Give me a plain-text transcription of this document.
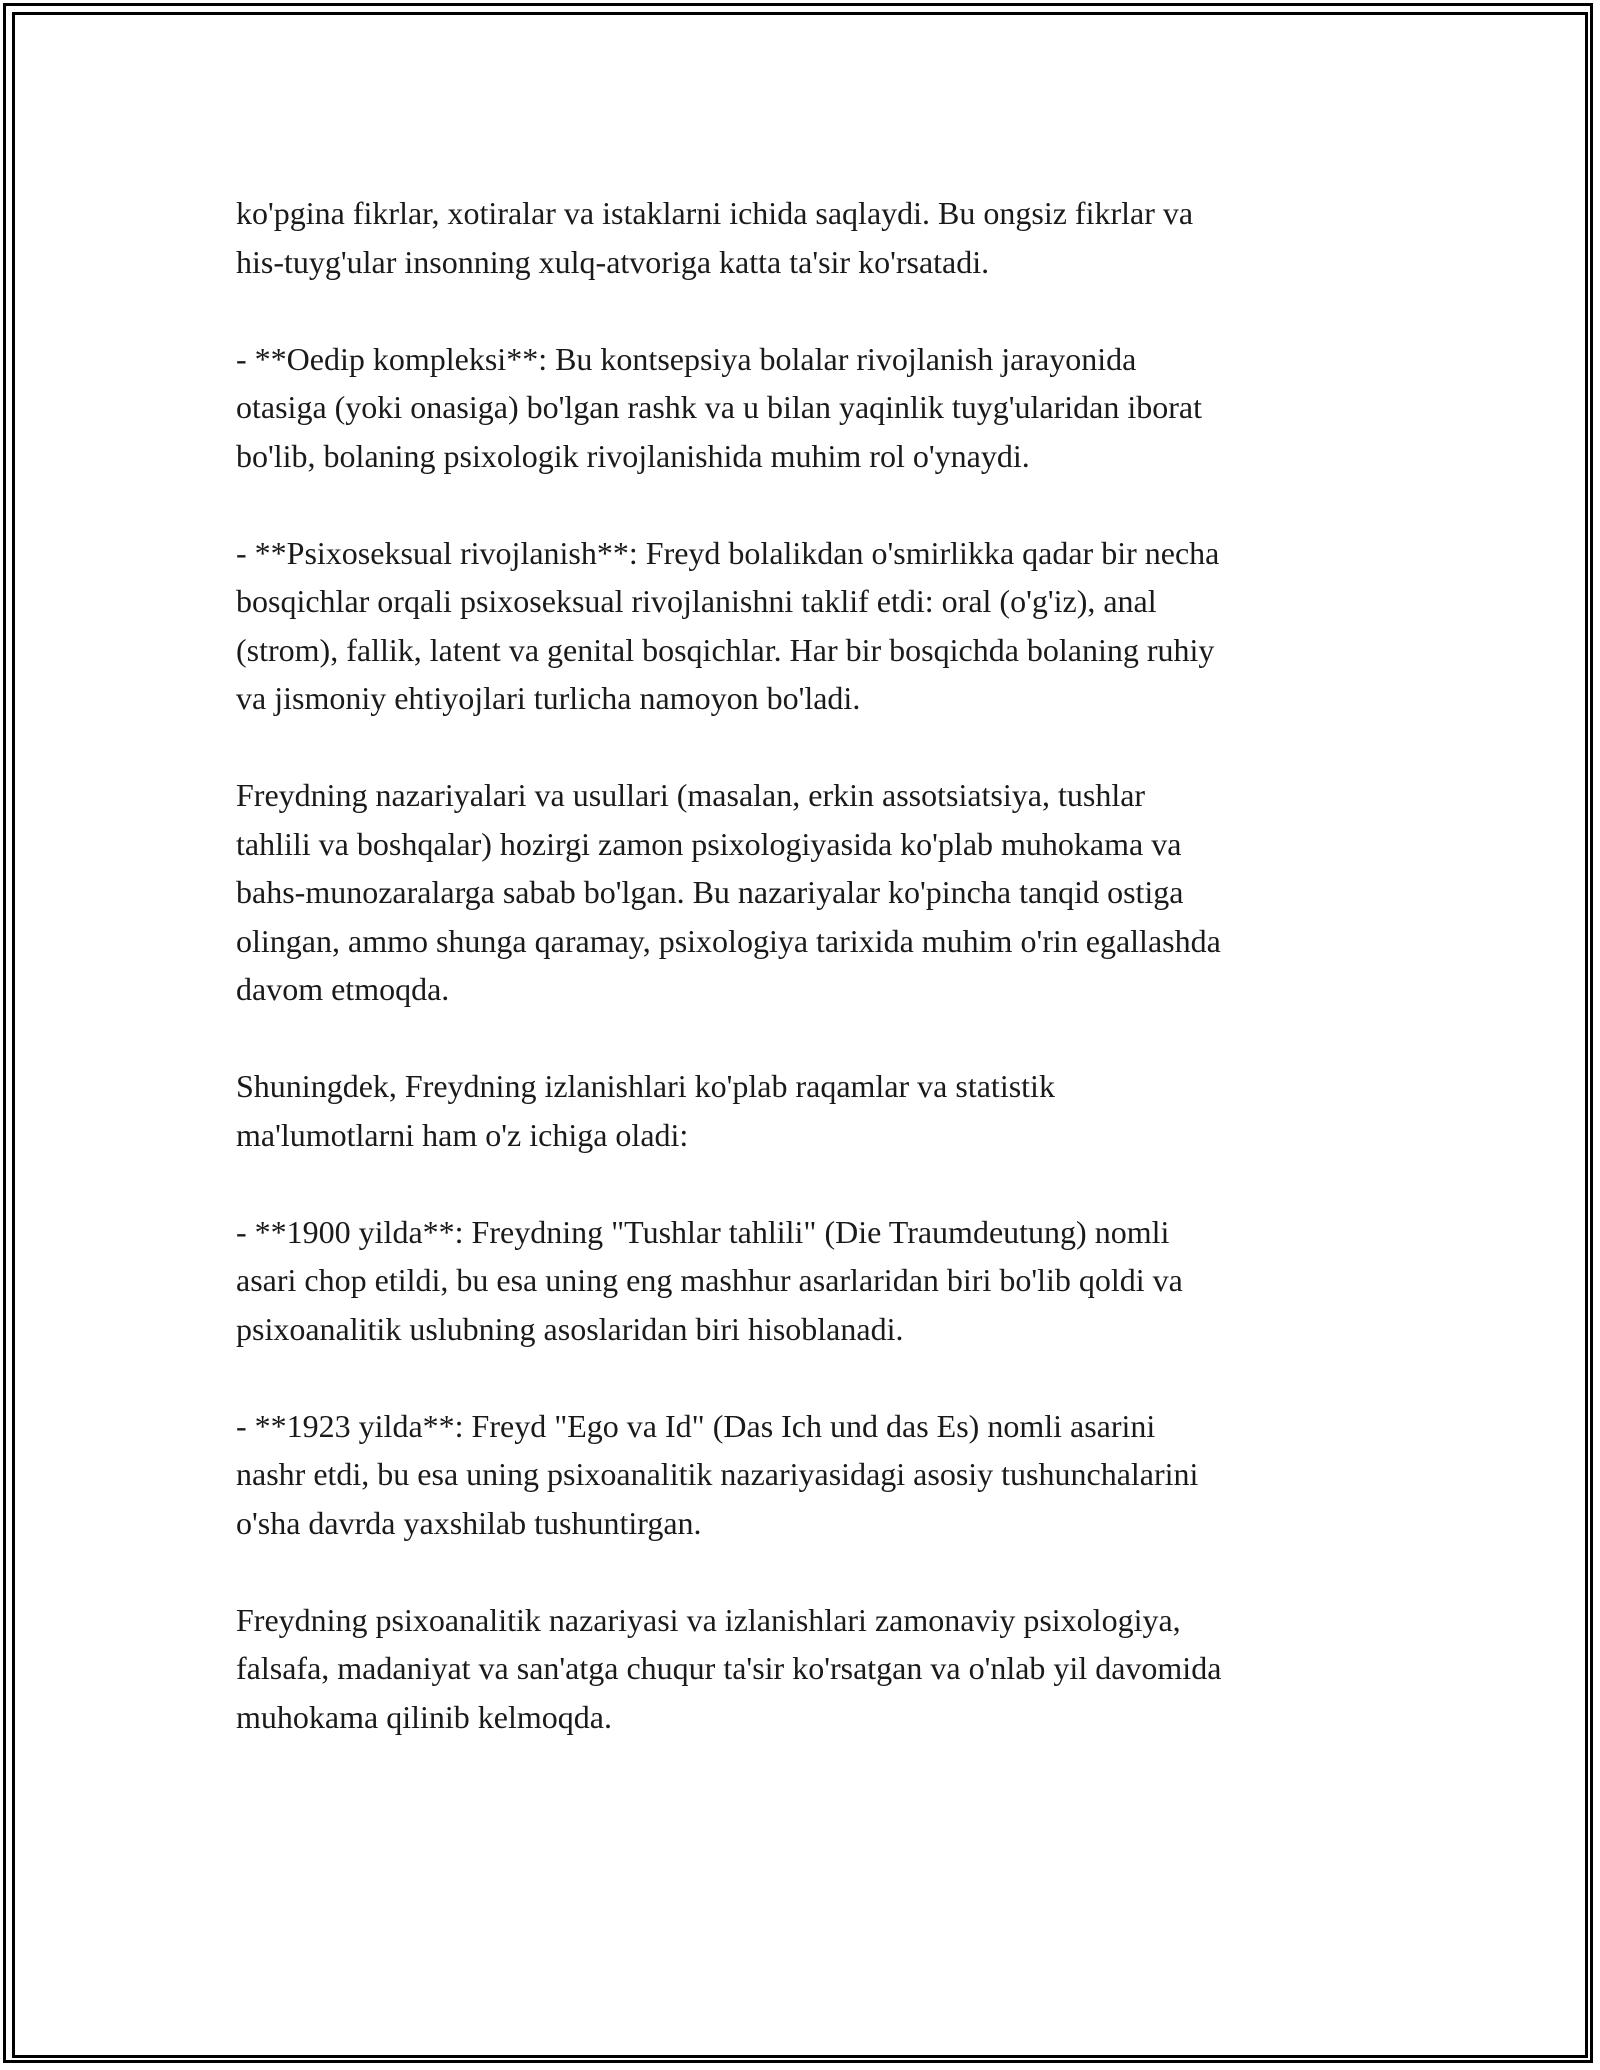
ko'pgina fikrlar, xotiralar va istaklarni ichida saqlaydi. Bu ongsiz fikrlar va
his-tuyg'ular insonning xulq-atvoriga katta ta'sir ko'rsatadi.

- **Oedip kompleksi**: Bu kontsepsiya bolalar rivojlanish jarayonida
otasiga (yoki onasiga) bo'lgan rashk va u bilan yaqinlik tuyg'ularidan iborat
bo'lib, bolaning psixologik rivojlanishida muhim rol o'ynaydi.

- **Psixoseksual rivojlanish**: Freyd bolalikdan o'smirlikka qadar bir necha
bosqichlar orqali psixoseksual rivojlanishni taklif etdi: oral (o'g'iz), anal
(strom), fallik, latent va genital bosqichlar. Har bir bosqichda bolaning ruhiy
va jismoniy ehtiyojlari turlicha namoyon bo'ladi.

Freydning nazariyalari va usullari (masalan, erkin assotsiatsiya, tushlar
tahlili va boshqalar) hozirgi zamon psixologiyasida ko'plab muhokama va
bahs-munozaralarga sabab bo'lgan. Bu nazariyalar ko'pincha tanqid ostiga
olingan, ammo shunga qaramay, psixologiya tarixida muhim o'rin egallashda
davom etmoqda.

Shuningdek, Freydning izlanishlari ko'plab raqamlar va statistik
ma'lumotlarni ham o'z ichiga oladi:

- **1900 yilda**: Freydning "Tushlar tahlili" (Die Traumdeutung) nomli
asari chop etildi, bu esa uning eng mashhur asarlaridan biri bo'lib qoldi va
psixoanalitik uslubning asoslaridan biri hisoblanadi.

- **1923 yilda**: Freyd "Ego va Id" (Das Ich und das Es) nomli asarini
nashr etdi, bu esa uning psixoanalitik nazariyasidagi asosiy tushunchalarini
o'sha davrda yaxshilab tushuntirgan.

Freydning psixoanalitik nazariyasi va izlanishlari zamonaviy psixologiya,
falsafa, madaniyat va san'atga chuqur ta'sir ko'rsatgan va o'nlab yil davomida
muhokama qilinib kelmoqda.
